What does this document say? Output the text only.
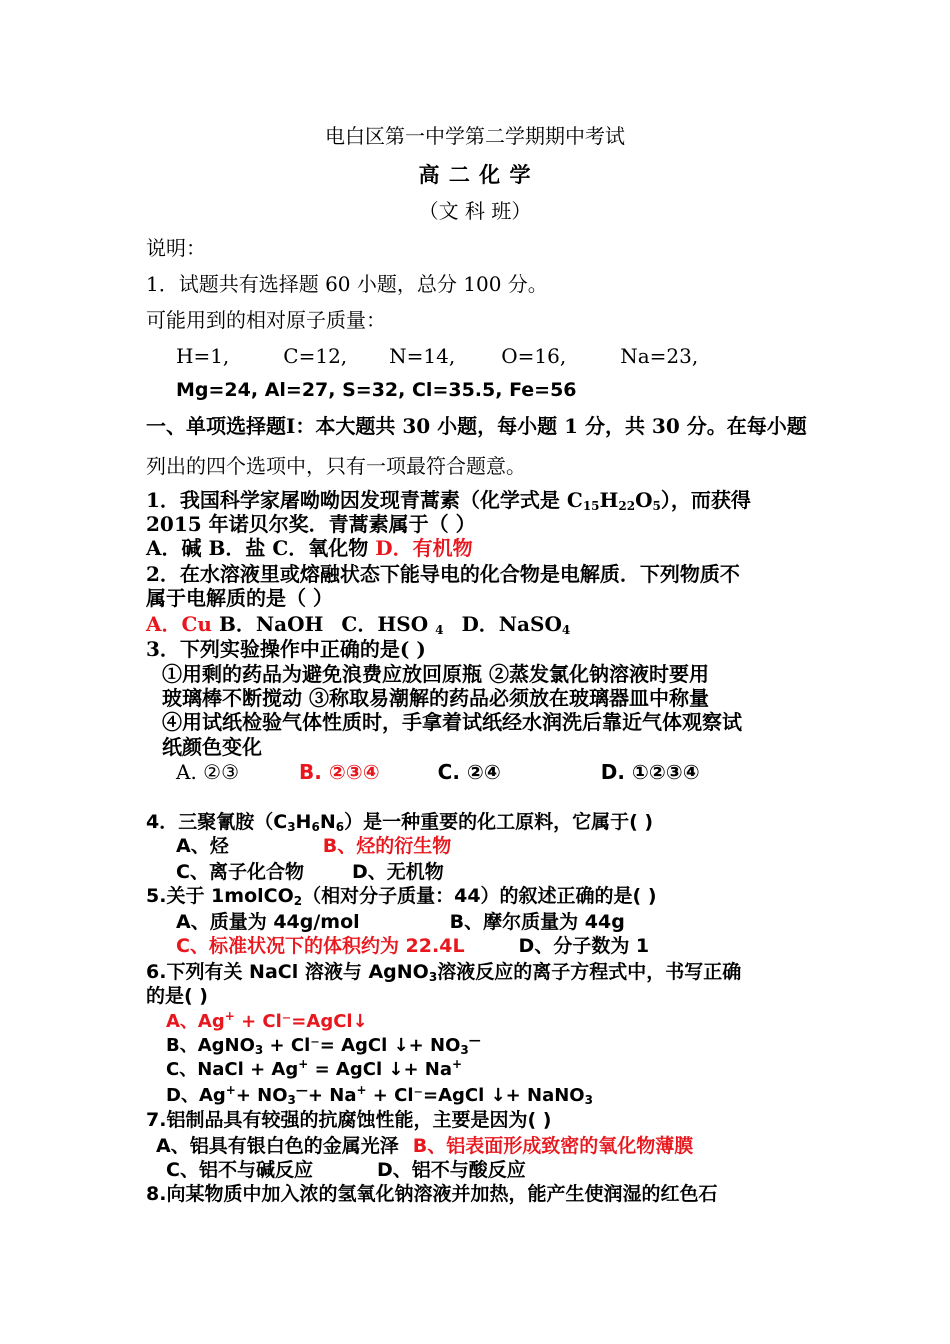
电白区第一中学第二学期期中考试
高 二 化 学
（文 科 班）
说明：
1．试题共有选择题 60 小题，总分 100 分。
可能用到的相对原子质量：
H=1,	C=12, N=14, O=16,	Na=23,
Mg=24, Al=27, S=32, Cl=35.5, Fe=56
一、单项选择题Ⅰ：本大题共 30 小题，每小题 1 分，共 30 分。在每小题
列出的四个选项中，只有一项最符合题意。
1．我国科学家屠呦呦因发现青蒿素（化学式是 $C_{15}H_{22}O_5$），而获得
2015 年诺贝尔奖．青蒿素属于（ ）
A．碱 B．盐 C．氧化物 D．有机物
2．在水溶液里或熔融状态下能导电的化合物是电解质．下列物质不
属于电解质的是（ ）
A．Cu B．NaOH C．HSO $_4$ D．NaSO$_4$
3．下列实验操作中正确的是( )
①用剩的药品为避免浪费应放回原瓶 ②蒸发氯化钠溶液时要用
玻璃棒不断搅动 ③称取易潮解的药品必须放在玻璃器皿中称量
④用试纸检验气体性质时，手拿着试纸经水润洗后靠近气体观察试
纸颜色变化
A. ②③	B. ②③④	C. ②④	D. ①②③④
4．三聚氰胺$(C_3H_6N_6)$是一种重要的化工原料，它属于( )
A、烃	B、烃的衍生物
C、离子化合物	D、无机物
5.关于 1molCO$_2$（相对分子质量：44）的叙述正确的是( )
A、质量为 44g/mol	B、摩尔质量为 44g
C、标准状况下的体积约为 22.4L	D、分子数为 1
6.下列有关 NaCl 溶液与 AgNO$_3$溶液反应的离子方程式中，书写正确
的是( )
A、Ag+ + Cl⁻=AgCl↓
B、AgNO$_3$ + Cl⁻= AgCl ↓+ $NO_3^—$
C、NaCl + Ag+ = AgCl ↓+ Na+
D、$Ag^++ NO_3^—+ Na^+$ + Cl⁻=AgCl ↓+ NaNO$_3$
7.铝制品具有较强的抗腐蚀性能，主要是因为( )
A、铝具有银白色的金属光泽 B、铝表面形成致密的氧化物薄膜
C、铝不与碱反应	D、铝不与酸反应
8.向某物质中加入浓的氢氧化钠溶液并加热，能产生使润湿的红色石
